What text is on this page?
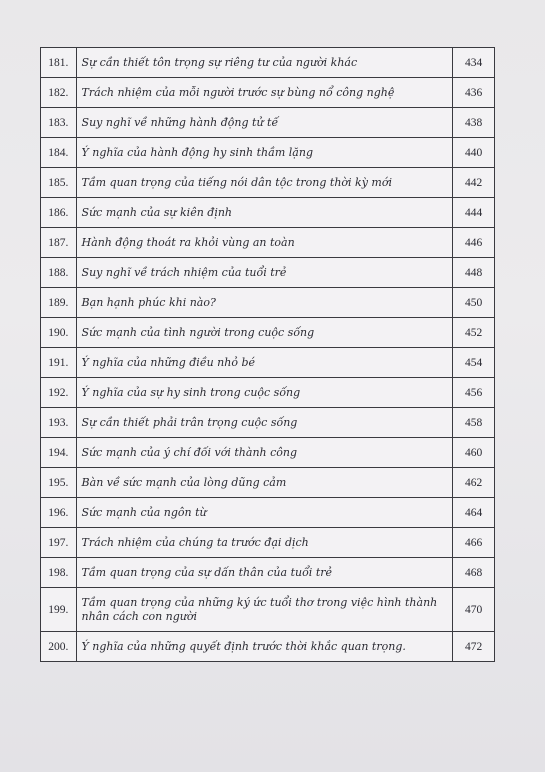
181.	Sự cần thiết tôn trọng sự riêng tư của người khác	434
182.	Trách nhiệm của mỗi người trước sự bùng nổ công nghệ	436
183.	Suy nghĩ về những hành động tử tế	438
184.	Ý nghĩa của hành động hy sinh thầm lặng	440
185.	Tầm quan trọng của tiếng nói dân tộc trong thời kỳ mới	442
186.	Sức mạnh của sự kiên định	444
187.	Hành động thoát ra khỏi vùng an toàn	446
188.	Suy nghĩ về trách nhiệm của tuổi trẻ	448
189.	Bạn hạnh phúc khi nào?	450
190.	Sức mạnh của tình người trong cuộc sống	452
191.	Ý nghĩa của những điều nhỏ bé	454
192.	Ý nghĩa của sự hy sinh trong cuộc sống	456
193.	Sự cần thiết phải trân trọng cuộc sống	458
194.	Sức mạnh của ý chí đối với thành công	460
195.	Bàn về sức mạnh của lòng dũng cảm	462
196.	Sức mạnh của ngôn từ	464
197.	Trách nhiệm của chúng ta trước đại dịch	466
198.	Tầm quan trọng của sự dấn thân của tuổi trẻ	468
199.	Tầm quan trọng của những ký ức tuổi thơ trong việc hình thành nhân cách con người	470
200.	Ý nghĩa của những quyết định trước thời khắc quan trọng.	472
